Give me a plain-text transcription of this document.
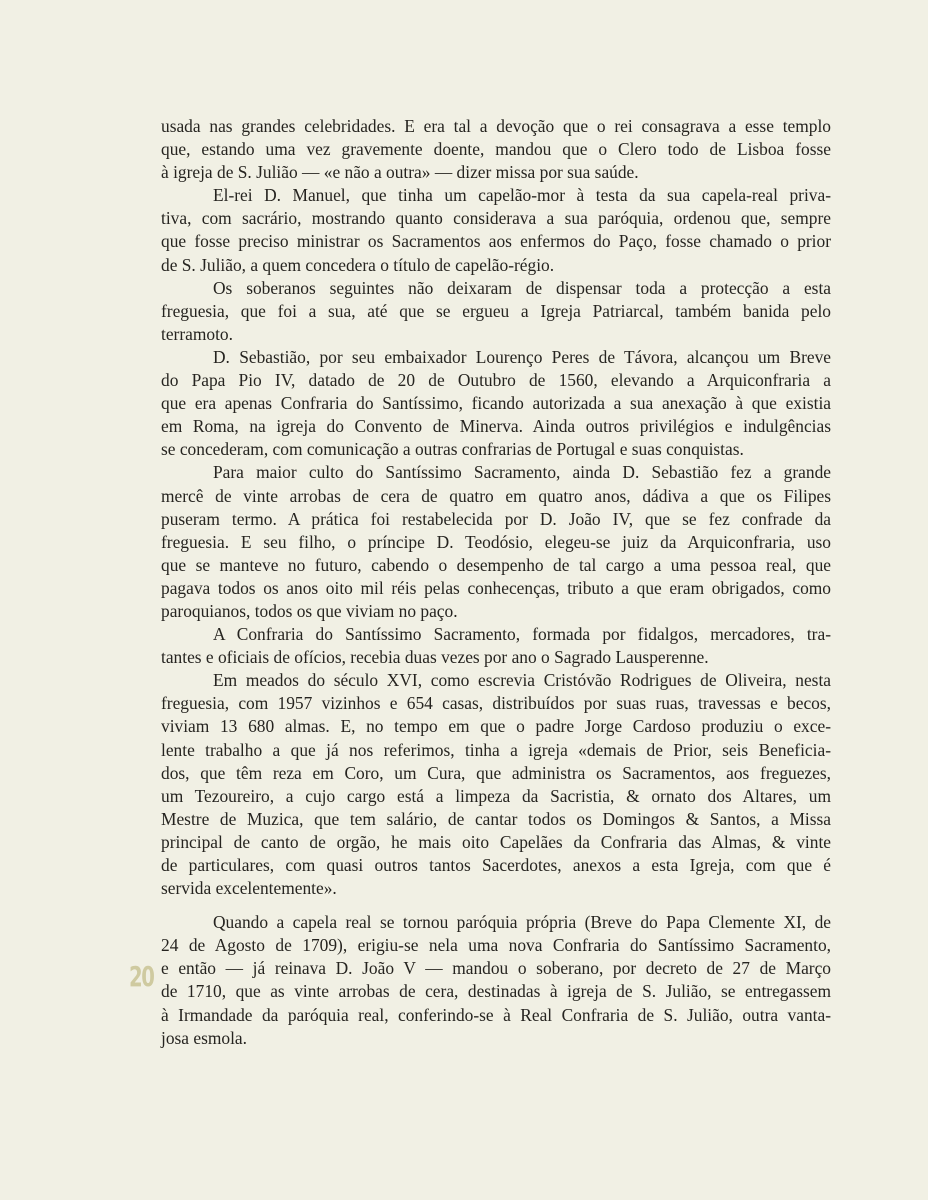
usada nas grandes celebridades. E era tal a devoção que o rei consagrava a esse templo
que, estando uma vez gravemente doente, mandou que o Clero todo de Lisboa fosse
à igreja de S. Julião — «e não a outra» — dizer missa por sua saúde.
El-rei D. Manuel, que tinha um capelão-mor à testa da sua capela-real priva-
tiva, com sacrário, mostrando quanto considerava a sua paróquia, ordenou que, sempre
que fosse preciso ministrar os Sacramentos aos enfermos do Paço, fosse chamado o prior
de S. Julião, a quem concedera o título de capelão-régio.
Os soberanos seguintes não deixaram de dispensar toda a protecção a esta
freguesia, que foi a sua, até que se ergueu a Igreja Patriarcal, também banida pelo
terramoto.
D. Sebastião, por seu embaixador Lourenço Peres de Távora, alcançou um Breve
do Papa Pio IV, datado de 20 de Outubro de 1560, elevando a Arquiconfraria a
que era apenas Confraria do Santíssimo, ficando autorizada a sua anexação à que existia
em Roma, na igreja do Convento de Minerva. Ainda outros privilégios e indulgências
se concederam, com comunicação a outras confrarias de Portugal e suas conquistas.
Para maior culto do Santíssimo Sacramento, ainda D. Sebastião fez a grande
mercê de vinte arrobas de cera de quatro em quatro anos, dádiva a que os Filipes
puseram termo. A prática foi restabelecida por D. João IV, que se fez confrade da
freguesia. E seu filho, o príncipe D. Teodósio, elegeu-se juiz da Arquiconfraria, uso
que se manteve no futuro, cabendo o desempenho de tal cargo a uma pessoa real, que
pagava todos os anos oito mil réis pelas conhecenças, tributo a que eram obrigados, como
paroquianos, todos os que viviam no paço.
A Confraria do Santíssimo Sacramento, formada por fidalgos, mercadores, tra-
tantes e oficiais de ofícios, recebia duas vezes por ano o Sagrado Lausperenne.
Em meados do século XVI, como escrevia Cristóvão Rodrigues de Oliveira, nesta
freguesia, com 1957 vizinhos e 654 casas, distribuídos por suas ruas, travessas e becos,
viviam 13 680 almas. E, no tempo em que o padre Jorge Cardoso produziu o exce-
lente trabalho a que já nos referimos, tinha a igreja «demais de Prior, seis Beneficia-
dos, que têm reza em Coro, um Cura, que administra os Sacramentos, aos freguezes,
um Tezoureiro, a cujo cargo está a limpeza da Sacristia, & ornato dos Altares, um
Mestre de Muzica, que tem salário, de cantar todos os Domingos & Santos, a Missa
principal de canto de orgão, he mais oito Capelães da Confraria das Almas, & vinte
de particulares, com quasi outros tantos Sacerdotes, anexos a esta Igreja, com que é
servida excelentemente».
Quando a capela real se tornou paróquia própria (Breve do Papa Clemente XI, de
24 de Agosto de 1709), erigiu-se nela uma nova Confraria do Santíssimo Sacramento,
e então — já reinava D. João V — mandou o soberano, por decreto de 27 de Março
de 1710, que as vinte arrobas de cera, destinadas à igreja de S. Julião, se entregassem
à Irmandade da paróquia real, conferindo-se à Real Confraria de S. Julião, outra vanta-
josa esmola.
20
